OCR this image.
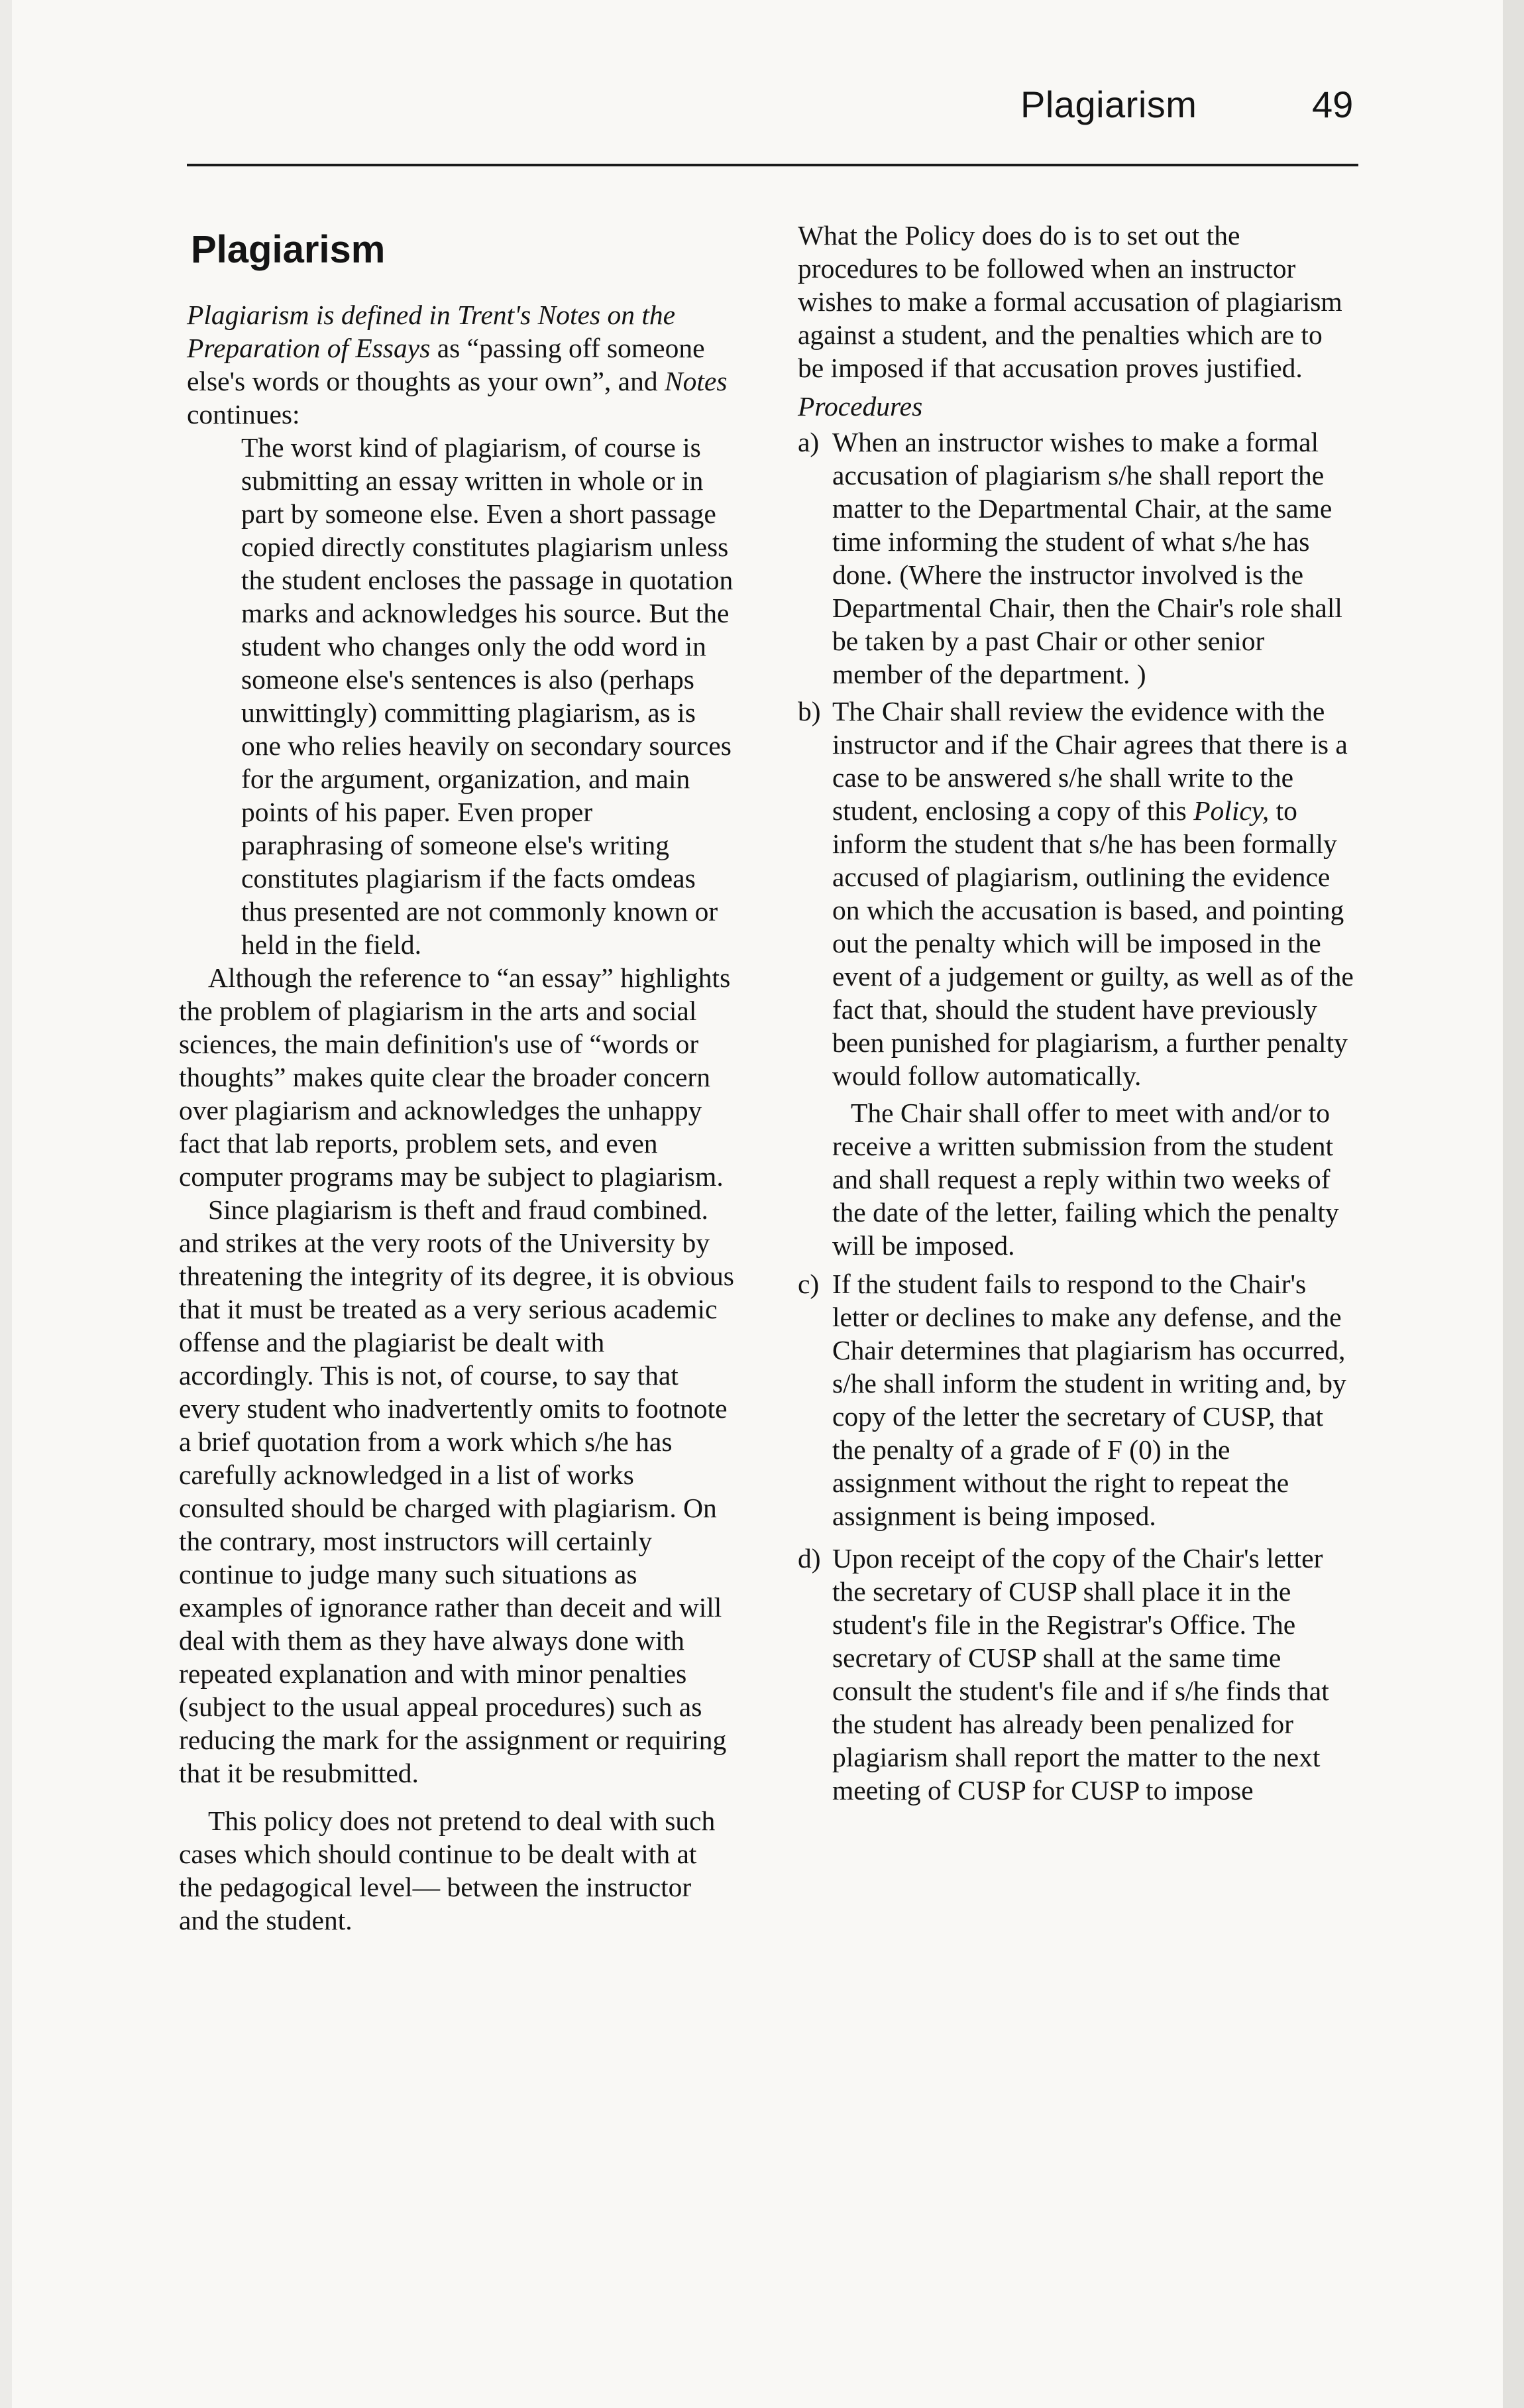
Plagiarism	49

Plagiarism

Plagiarism is defined in Trent's Notes on the Preparation of Essays as “passing off someone else's words or thoughts as your own”, and Notes continues:

The worst kind of plagiarism, of course is submitting an essay written in whole or in part by someone else. Even a short passage copied directly constitutes plagiarism unless the student encloses the passage in quotation marks and acknowledges his source. But the student who changes only the odd word in someone else's sentences is also (perhaps unwittingly) committing plagiarism, as is one who relies heavily on secondary sources for the argument, organization, and main points of his paper. Even proper paraphrasing of someone else's writing constitutes plagiarism if the facts omdeas thus presented are not commonly known or held in the field.

Although the reference to “an essay” highlights the problem of plagiarism in the arts and social sciences, the main definition's use of “words or thoughts” makes quite clear the broader concern over plagiarism and acknowledges the unhappy fact that lab reports, problem sets, and even computer programs may be subject to plagiarism.

Since plagiarism is theft and fraud combined. and strikes at the very roots of the University by threatening the integrity of its degree, it is obvious that it must be treated as a very serious academic offense and the plagiarist be dealt with accordingly. This is not, of course, to say that every student who inadvertently omits to footnote a brief quotation from a work which s/he has carefully acknowledged in a list of works consulted should be charged with plagiarism. On the contrary, most instructors will certainly continue to judge many such situations as examples of ignorance rather than deceit and will deal with them as they have always done with repeated explanation and with minor penalties (subject to the usual appeal procedures) such as reducing the mark for the assignment or requiring that it be resubmitted.

This policy does not pretend to deal with such cases which should continue to be dealt with at the pedagogical level— between the instructor and the student.

What the Policy does do is to set out the procedures to be followed when an instructor wishes to make a formal accusation of plagiarism against a student, and the penalties which are to be imposed if that accusation proves justified.

Procedures

a) When an instructor wishes to make a formal accusation of plagiarism s/he shall report the matter to the Departmental Chair, at the same time informing the student of what s/he has done. (Where the instructor involved is the Departmental Chair, then the Chair's role shall be taken by a past Chair or other senior member of the department. )
b) The Chair shall review the evidence with the instructor and if the Chair agrees that there is a case to be answered s/he shall write to the student, enclosing a copy of this Policy, to inform the student that s/he has been formally accused of plagiarism, outlining the evidence on which the accusation is based, and pointing out the penalty which will be imposed in the event of a judgement or guilty, as well as of the fact that, should the student have previously been punished for plagiarism, a further penalty would follow automatically.

The Chair shall offer to meet with and/or to receive a written submission from the student and shall request a reply within two weeks of the date of the letter, failing which the penalty will be imposed.

c) If the student fails to respond to the Chair's letter or declines to make any defense, and the Chair determines that plagiarism has occurred, s/he shall inform the student in writing and, by copy of the letter the secretary of CUSP, that the penalty of a grade of F (0) in the assignment without the right to repeat the assignment is being imposed.
d) Upon receipt of the copy of the Chair's letter the secretary of CUSP shall place it in the student's file in the Registrar's Office. The secretary of CUSP shall at the same time consult the student's file and if s/he finds that the student has already been penalized for plagiarism shall report the matter to the next meeting of CUSP for CUSP to impose
